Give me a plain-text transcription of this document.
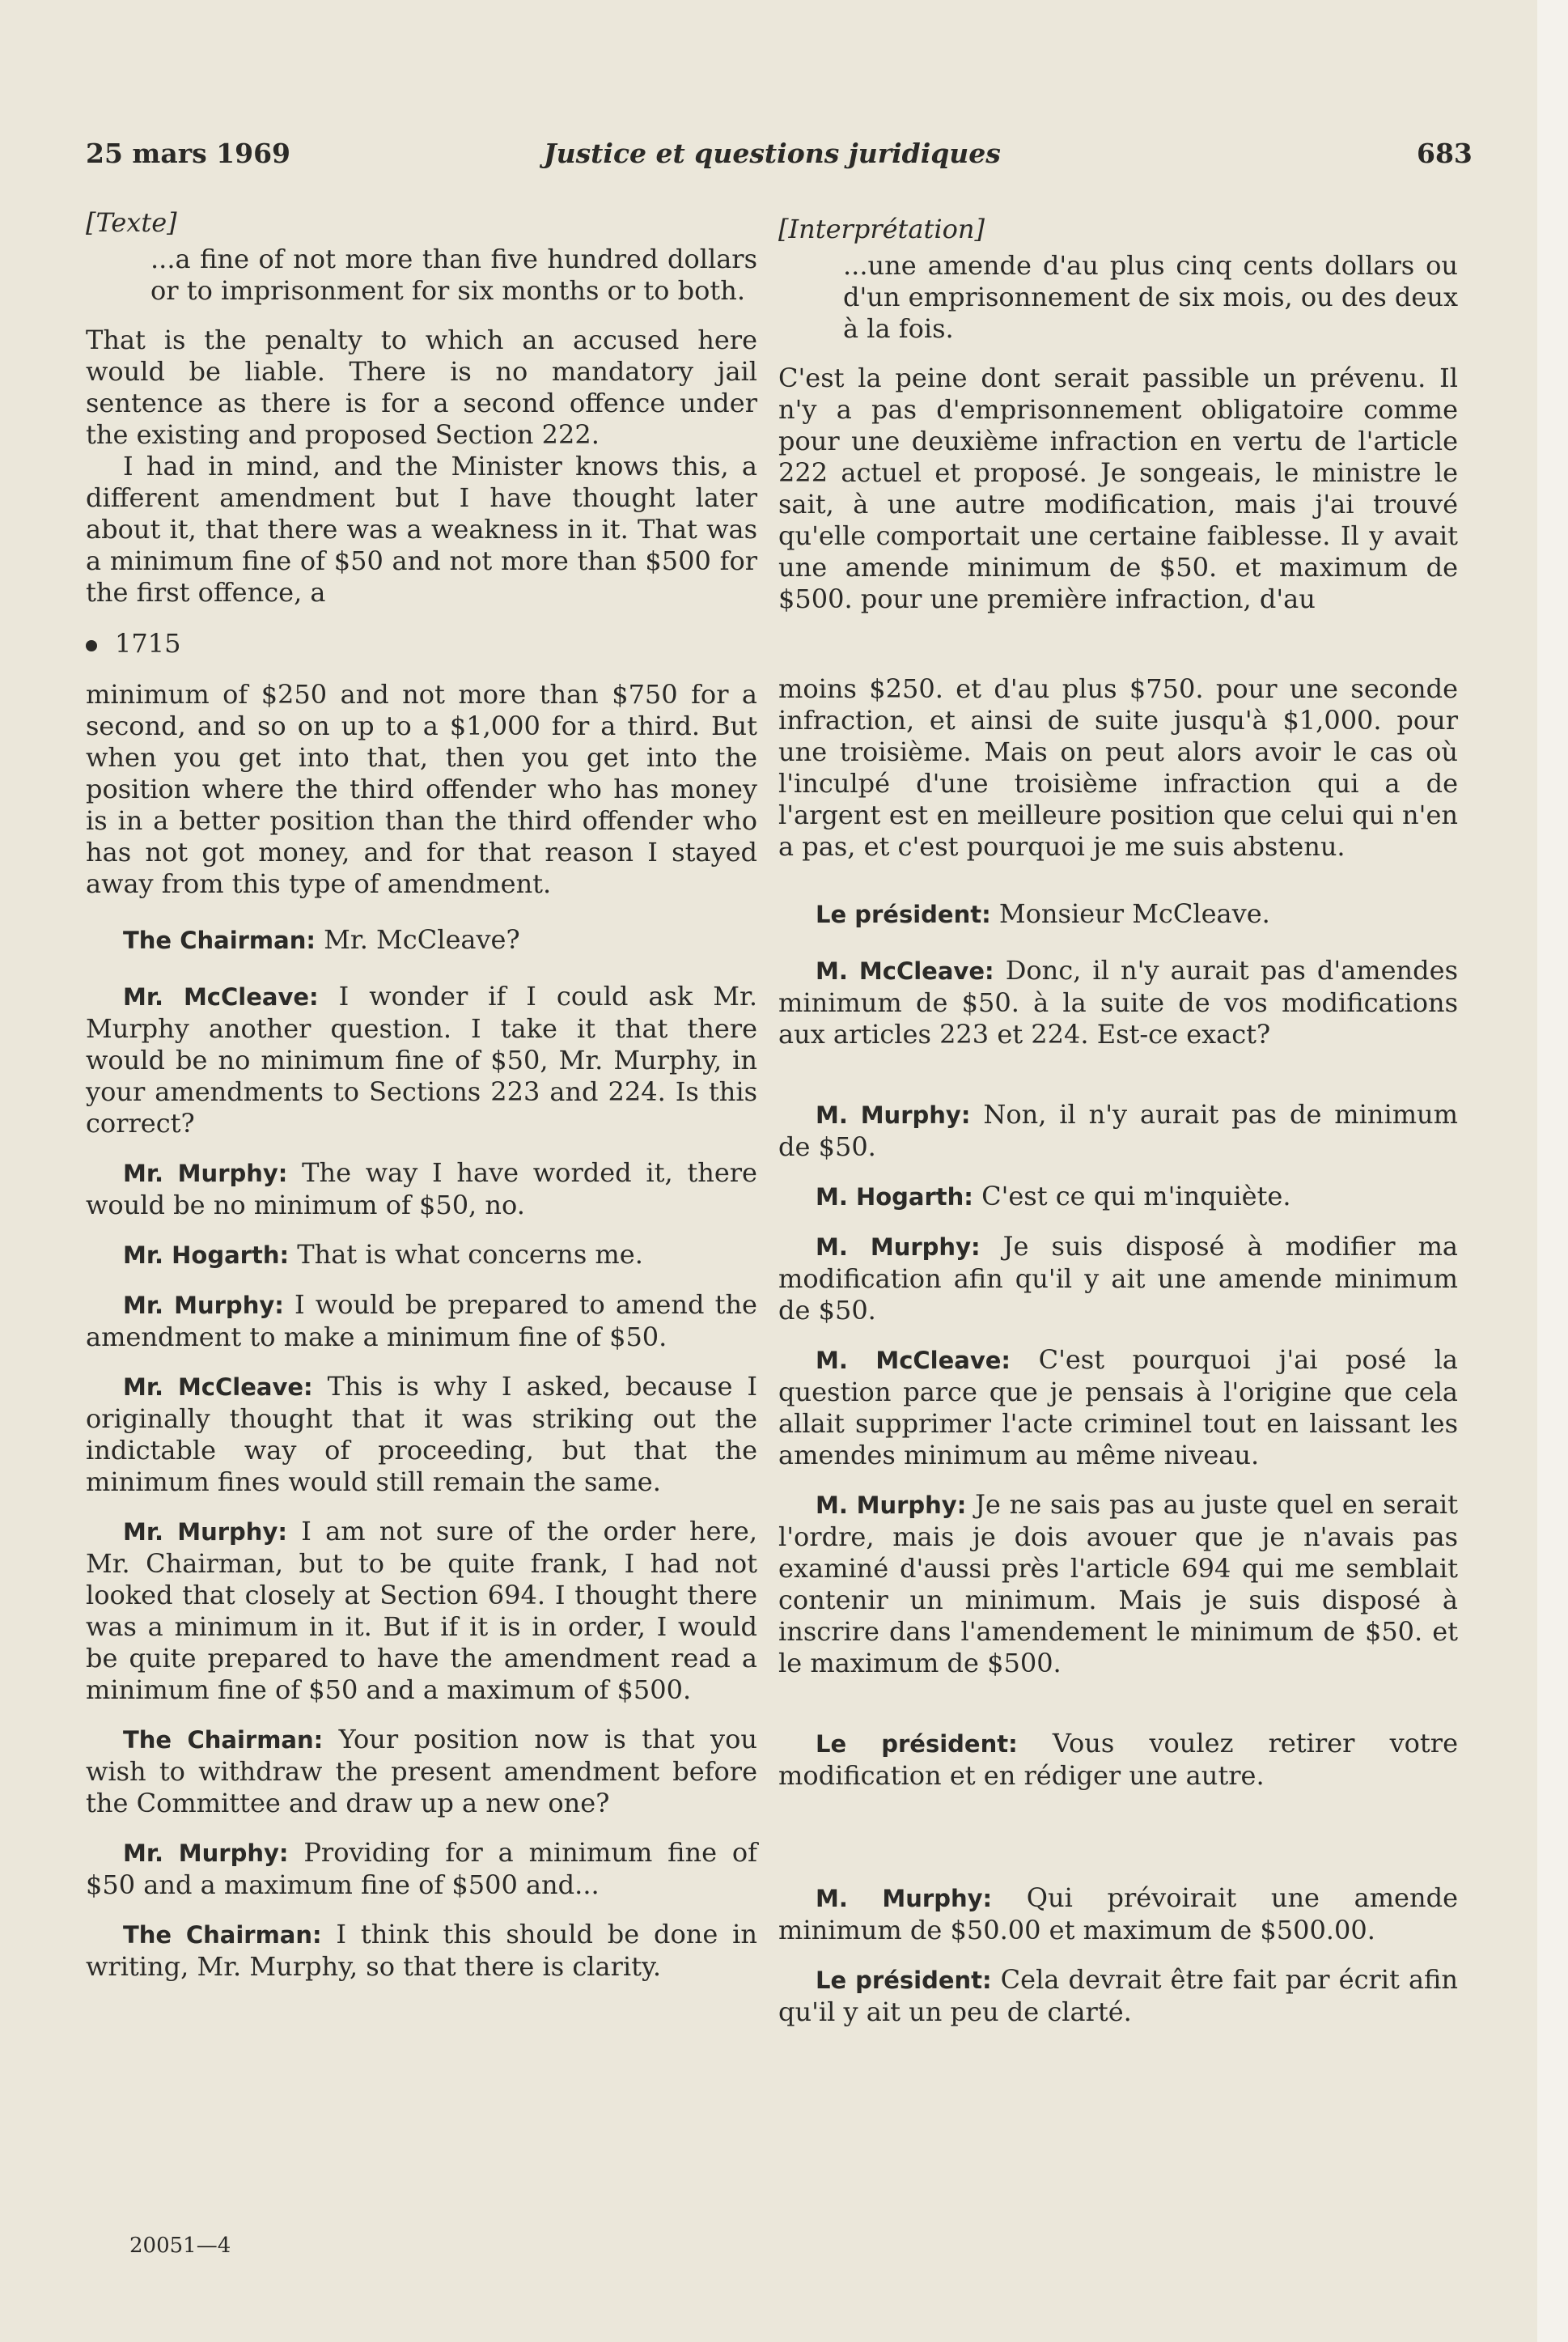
25 mars 1969	Justice et questions juridiques	683

[Texte]

...a fine of not more than five hundred dollars or to imprisonment for six months or to both.

That is the penalty to which an accused here would be liable. There is no mandatory jail sentence as there is for a second offence under the existing and proposed Section 222.

I had in mind, and the Minister knows this, a different amendment but I have thought later about it, that there was a weakness in it. That was a minimum fine of $50 and not more than $500 for the first offence, a

1715

minimum of $250 and not more than $750 for a second, and so on up to a $1,000 for a third. But when you get into that, then you get into the position where the third offender who has money is in a better position than the third offender who has not got money, and for that reason I stayed away from this type of amendment.

The Chairman: Mr. McCleave?

Mr. McCleave: I wonder if I could ask Mr. Murphy another question. I take it that there would be no minimum fine of $50, Mr. Murphy, in your amendments to Sections 223 and 224. Is this correct?

Mr. Murphy: The way I have worded it, there would be no minimum of $50, no.

Mr. Hogarth: That is what concerns me.

Mr. Murphy: I would be prepared to amend the amendment to make a minimum fine of $50.

Mr. McCleave: This is why I asked, because I originally thought that it was striking out the indictable way of proceeding, but that the minimum fines would still remain the same.

Mr. Murphy: I am not sure of the order here, Mr. Chairman, but to be quite frank, I had not looked that closely at Section 694. I thought there was a minimum in it. But if it is in order, I would be quite prepared to have the amendment read a minimum fine of $50 and a maximum of $500.

The Chairman: Your position now is that you wish to withdraw the present amendment before the Committee and draw up a new one?

Mr. Murphy: Providing for a minimum fine of $50 and a maximum fine of $500 and...

The Chairman: I think this should be done in writing, Mr. Murphy, so that there is clarity.

[Interprétation]

...une amende d'au plus cinq cents dollars ou d'un emprisonnement de six mois, ou des deux à la fois.

C'est la peine dont serait passible un prévenu. Il n'y a pas d'emprisonnement obligatoire comme pour une deuxième infraction en vertu de l'article 222 actuel et proposé. Je songeais, le ministre le sait, à une autre modification, mais j'ai trouvé qu'elle comportait une certaine faiblesse. Il y avait une amende minimum de $50. et maximum de $500. pour une première infraction, d'au

moins $250. et d'au plus $750. pour une seconde infraction, et ainsi de suite jusqu'à $1,000. pour une troisième. Mais on peut alors avoir le cas où l'inculpé d'une troisième infraction qui a de l'argent est en meilleure position que celui qui n'en a pas, et c'est pourquoi je me suis abstenu.

Le président: Monsieur McCleave.

M. McCleave: Donc, il n'y aurait pas d'amendes minimum de $50. à la suite de vos modifications aux articles 223 et 224. Est-ce exact?

M. Murphy: Non, il n'y aurait pas de minimum de $50.

M. Hogarth: C'est ce qui m'inquiète.

M. Murphy: Je suis disposé à modifier ma modification afin qu'il y ait une amende minimum de $50.

M. McCleave: C'est pourquoi j'ai posé la question parce que je pensais à l'origine que cela allait supprimer l'acte criminel tout en laissant les amendes minimum au même niveau.

M. Murphy: Je ne sais pas au juste quel en serait l'ordre, mais je dois avouer que je n'avais pas examiné d'aussi près l'article 694 qui me semblait contenir un minimum. Mais je suis disposé à inscrire dans l'amendement le minimum de $50. et le maximum de $500.

Le président: Vous voulez retirer votre modification et en rédiger une autre.

M. Murphy: Qui prévoirait une amende minimum de $50.00 et maximum de $500.00.

Le président: Cela devrait être fait par écrit afin qu'il y ait un peu de clarté.

20051—4
